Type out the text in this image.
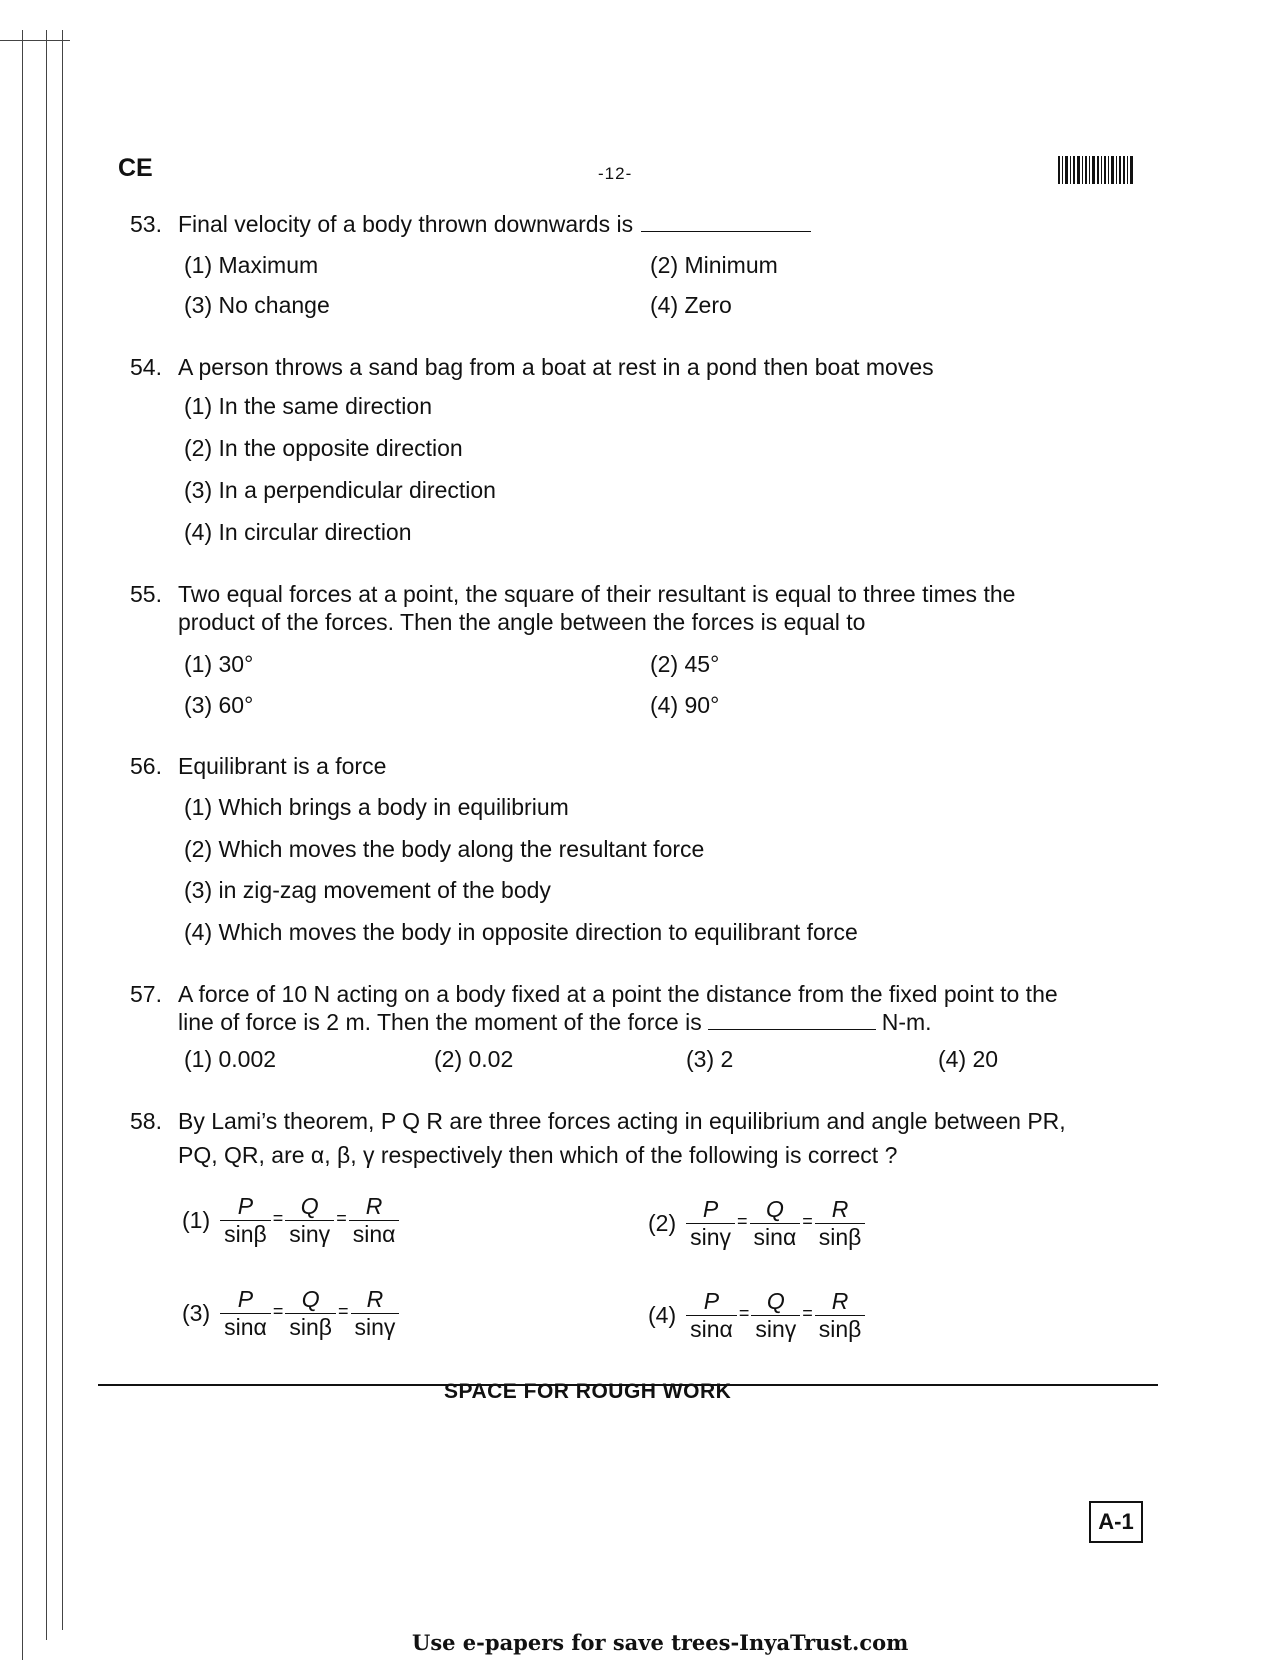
CE	-12-
53. Final velocity of a body thrown downwards is
(1) Maximum	(2) Minimum
(3) No change	(4) Zero
54. A person throws a sand bag from a boat at rest in a pond then boat moves
(1) In the same direction
(2) In the opposite direction
(3) In a perpendicular direction
(4) In circular direction
55. Two equal forces at a point, the square of their resultant is equal to three times the
product of the forces. Then the angle between the forces is equal to
(1) 30°	(2) 45°
(3) 60°	(4) 90°
56. Equilibrant is a force
(1) Which brings a body in equilibrium
(2) Which moves the body along the resultant force
(3) in zig-zag movement of the body
(4) Which moves the body in opposite direction to equilibrant force
57. A force of 10 N acting on a body fixed at a point the distance from the fixed point to the
line of force is 2 m. Then the moment of the force is	N-m.
(1) 0.002	(2) 0.02	(3) 2	(4) 20
58. By Lami’s theorem, P Q R are three forces acting in equilibrium and angle between PR,
PQ, QR, are α, β, γ respectively then which of the following is correct ?
$(1) \frac{P}{\sin\beta} = \frac{Q}{\sin\gamma} = \frac{R}{\sin\alpha}$	$(2) \frac{P}{\sin\gamma} = \frac{Q}{\sin\alpha} = \frac{R}{\sin\beta}$
$(3) \frac{P}{\sin\alpha} = \frac{Q}{\sin\beta} = \frac{R}{\sin\gamma}$	$(4) \frac{P}{\sin\alpha} = \frac{Q}{\sin\gamma} = \frac{R}{\sin\beta}$
SPACE FOR ROUGH WORK
A-1
Use e-papers for save trees-InyaTrust.com
